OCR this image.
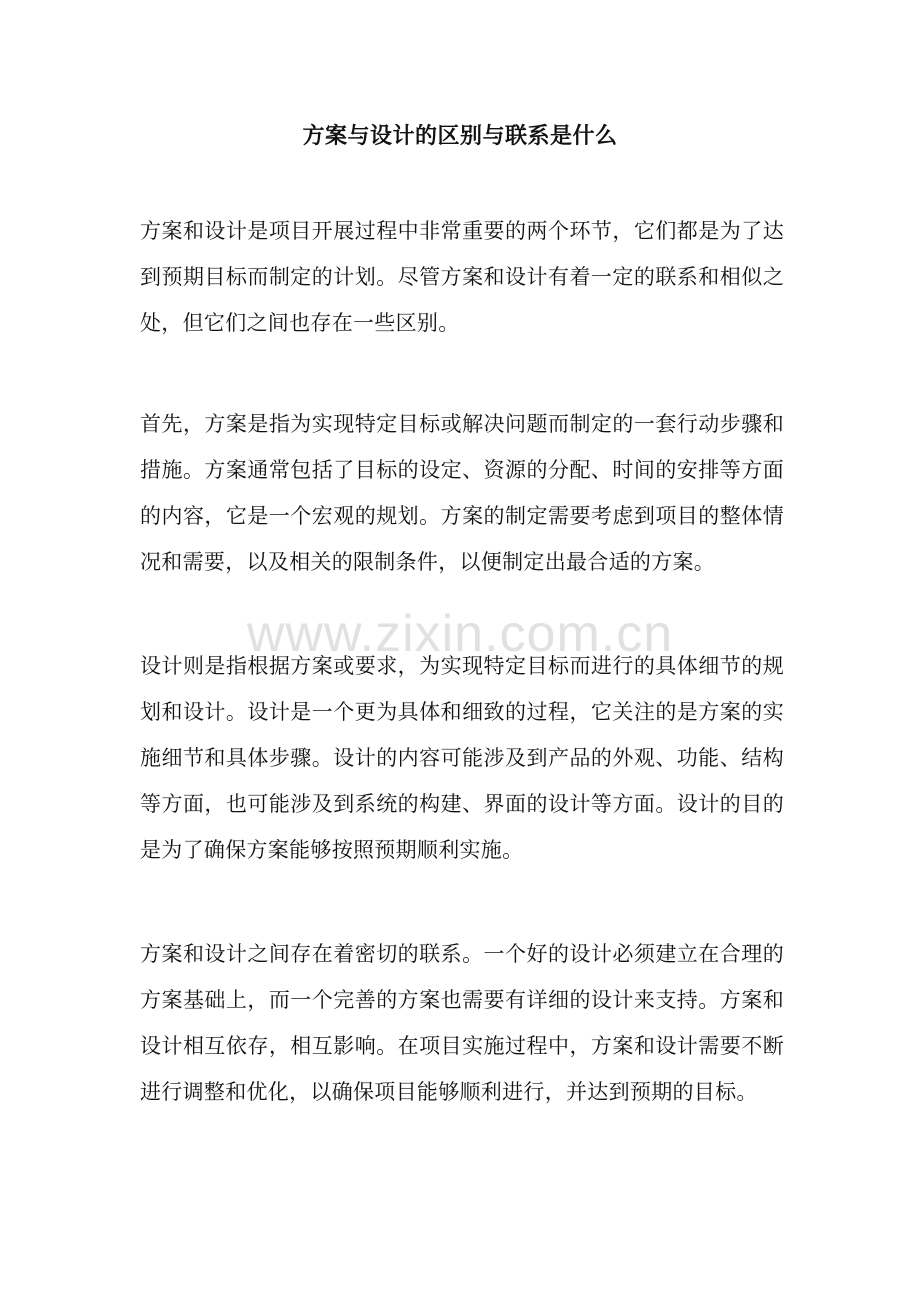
方案与设计的区别与联系是什么

方案和设计是项目开展过程中非常重要的两个环节，它们都是为了达到预期目标而制定的计划。尽管方案和设计有着一定的联系和相似之处，但它们之间也存在一些区别。

首先，方案是指为实现特定目标或解决问题而制定的一套行动步骤和措施。方案通常包括了目标的设定、资源的分配、时间的安排等方面的内容，它是一个宏观的规划。方案的制定需要考虑到项目的整体情况和需要，以及相关的限制条件，以便制定出最合适的方案。

设计则是指根据方案或要求，为实现特定目标而进行的具体细节的规划和设计。设计是一个更为具体和细致的过程，它关注的是方案的实施细节和具体步骤。设计的内容可能涉及到产品的外观、功能、结构等方面，也可能涉及到系统的构建、界面的设计等方面。设计的目的是为了确保方案能够按照预期顺利实施。

方案和设计之间存在着密切的联系。一个好的设计必须建立在合理的方案基础上，而一个完善的方案也需要有详细的设计来支持。方案和设计相互依存，相互影响。在项目实施过程中，方案和设计需要不断进行调整和优化，以确保项目能够顺利进行，并达到预期的目标。

www.zixin.com.cn
